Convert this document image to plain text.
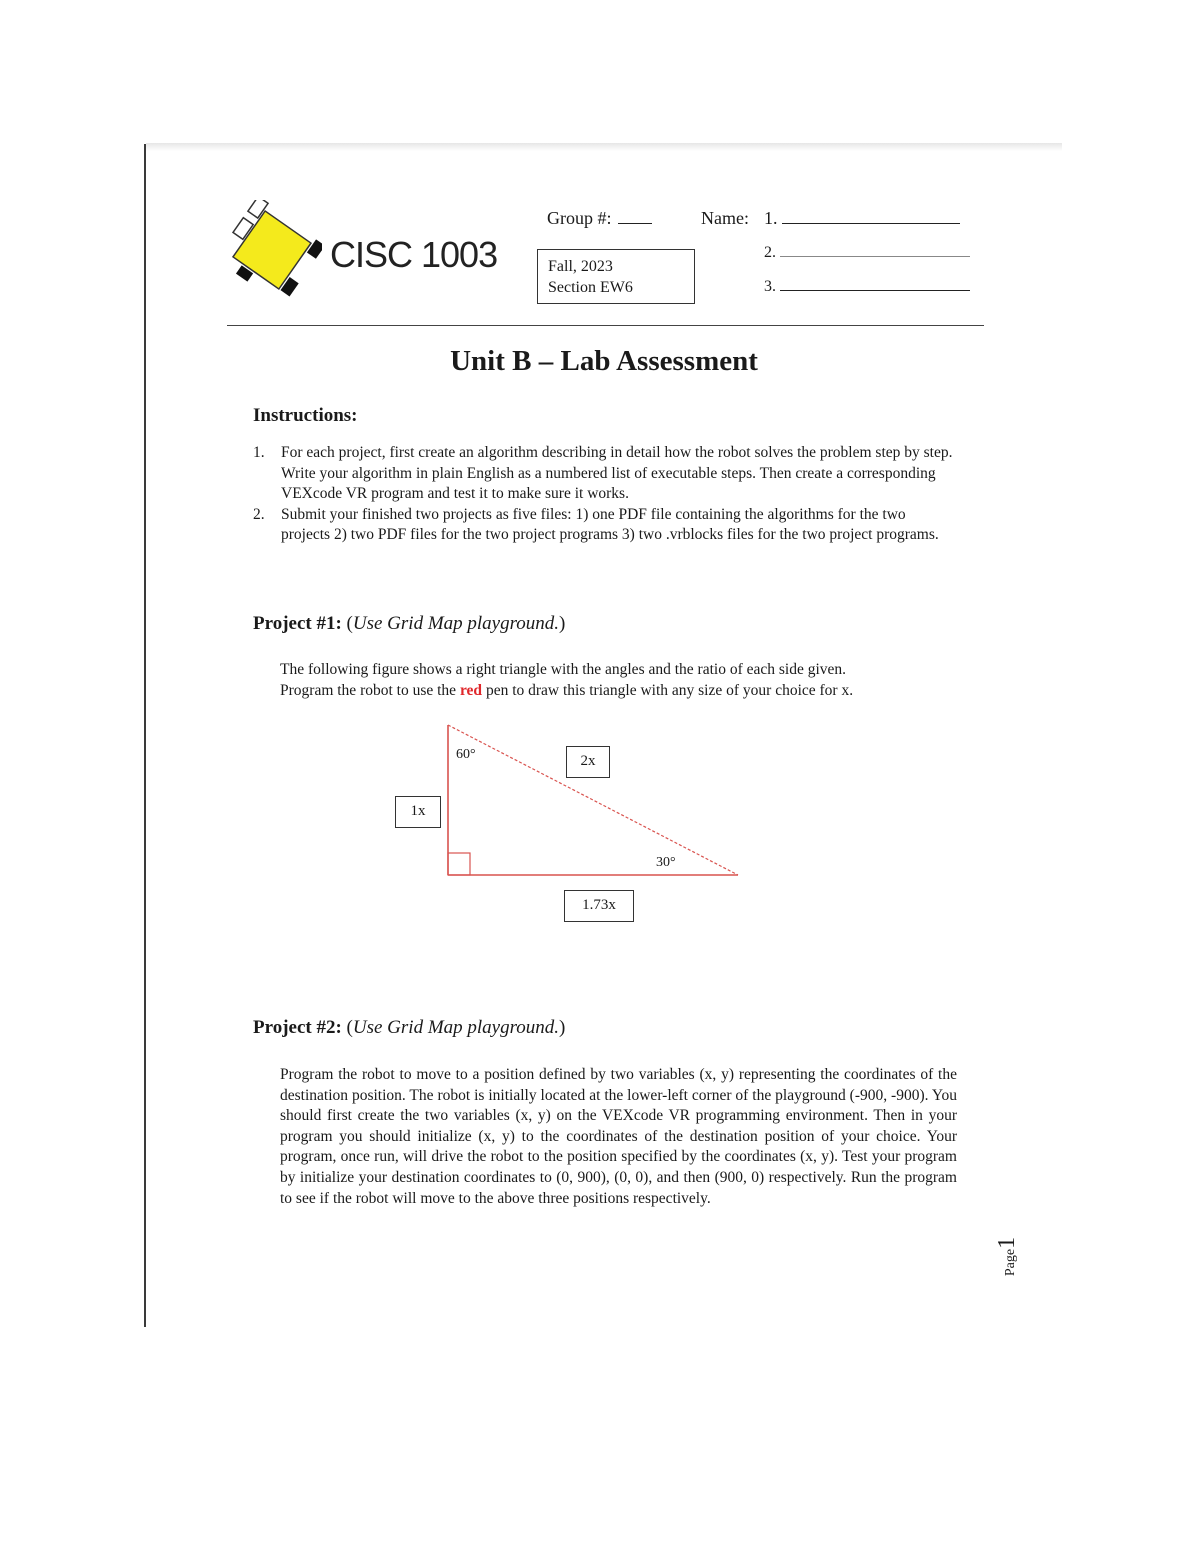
CISC 1003
Group #:
Fall, 2023
Section EW6
Name: 1.
2.
3.
Unit B – Lab Assessment
Instructions:
1. For each project, first create an algorithm describing in detail how the robot solves the problem step by step. Write your algorithm in plain English as a numbered list of executable steps. Then create a corresponding VEXcode VR program and test it to make sure it works.
2. Submit your finished two projects as five files: 1) one PDF file containing the algorithms for the two projects 2) two PDF files for the two project programs 3) two .vrblocks files for the two project programs.
Project #1: (Use Grid Map playground.)
The following figure shows a right triangle with the angles and the ratio of each side given.
Program the robot to use the red pen to draw this triangle with any size of your choice for x.
60°
30°
2x
1x
1.73x
Project #2: (Use Grid Map playground.)
Program the robot to move to a position defined by two variables (x, y) representing the coordinates of the destination position. The robot is initially located at the lower-left corner of the playground (-900, -900). You should first create the two variables (x, y) on the VEXcode VR programming environment. Then in your program you should initialize (x, y) to the coordinates of the destination position of your choice. Your program, once run, will drive the robot to the position specified by the coordinates (x, y). Test your program by initialize your destination coordinates to (0, 900), (0, 0), and then (900, 0) respectively. Run the program to see if the robot will move to the above three positions respectively.
Page1
